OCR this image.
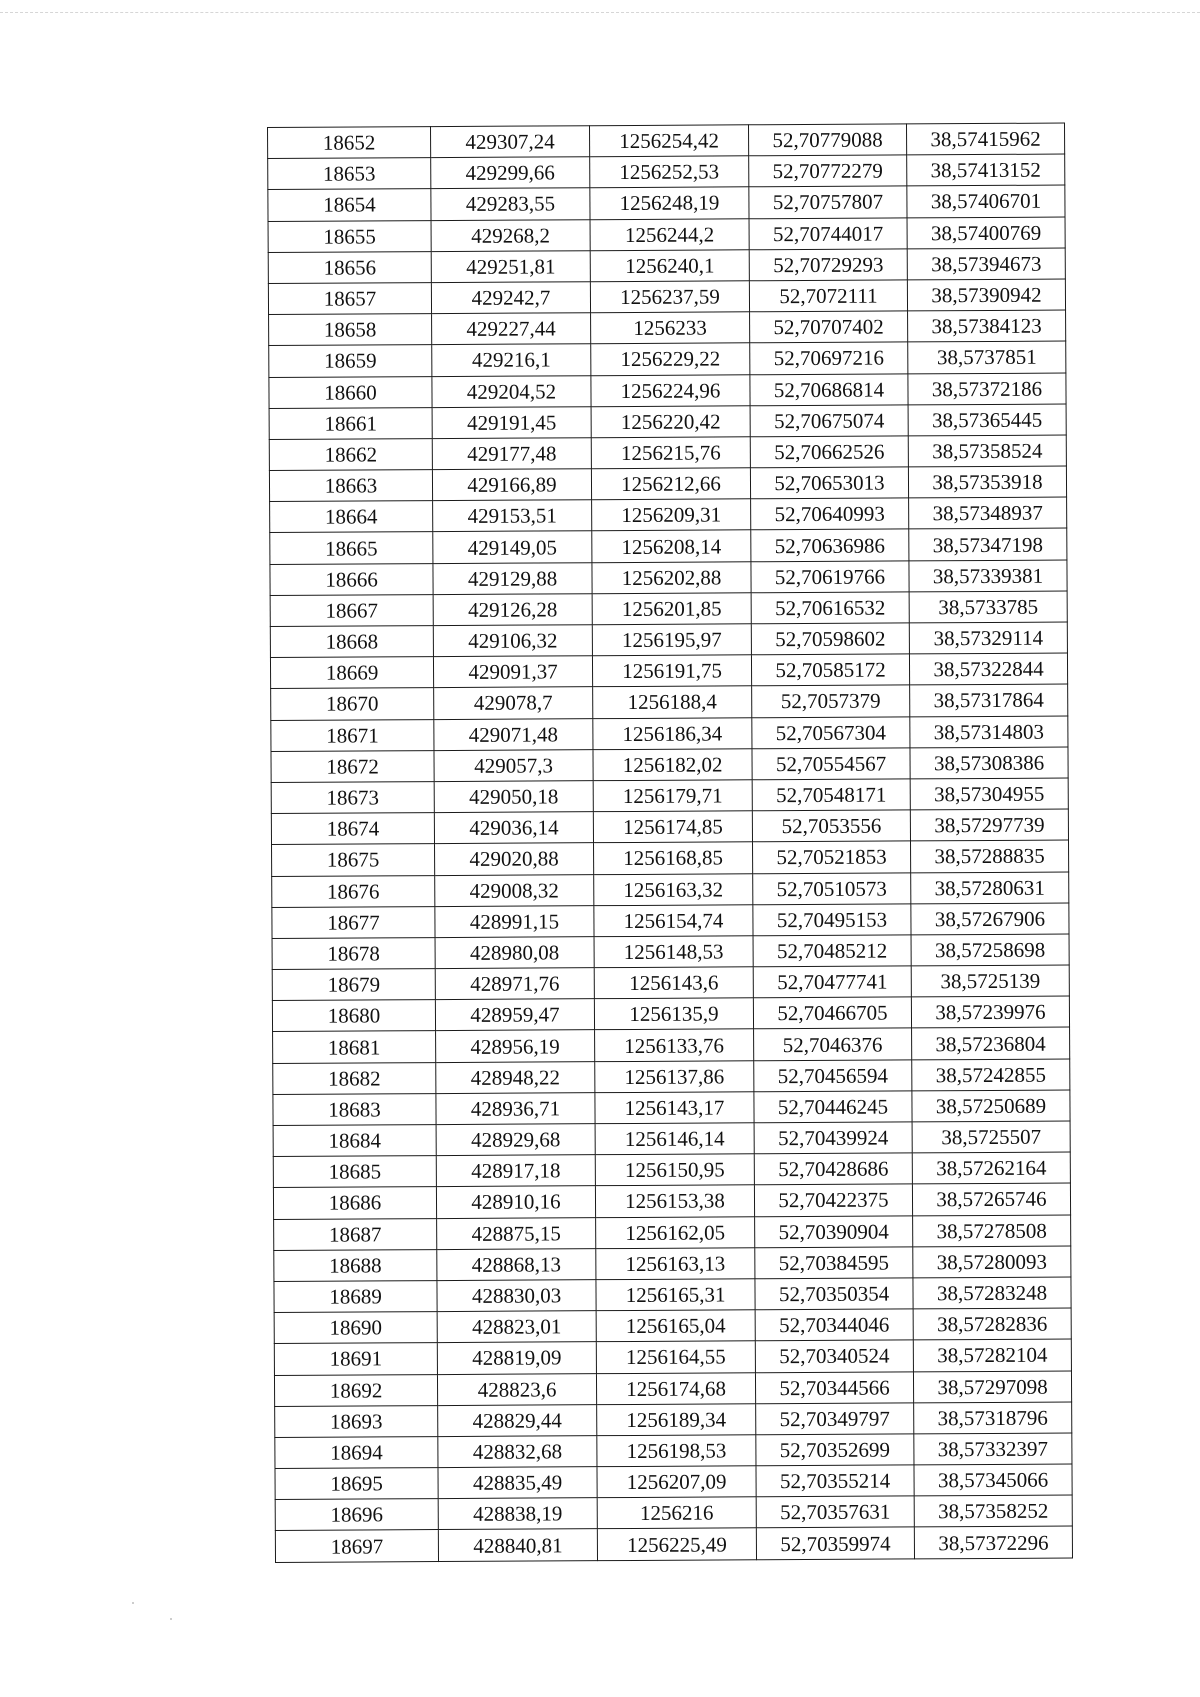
18652	429307,24	1256254,42	52,70779088	38,57415962
18653	429299,66	1256252,53	52,70772279	38,57413152
18654	429283,55	1256248,19	52,70757807	38,57406701
18655	429268,2	1256244,2	52,70744017	38,57400769
18656	429251,81	1256240,1	52,70729293	38,57394673
18657	429242,7	1256237,59	52,7072111	38,57390942
18658	429227,44	1256233	52,70707402	38,57384123
18659	429216,1	1256229,22	52,70697216	38,5737851
18660	429204,52	1256224,96	52,70686814	38,57372186
18661	429191,45	1256220,42	52,70675074	38,57365445
18662	429177,48	1256215,76	52,70662526	38,57358524
18663	429166,89	1256212,66	52,70653013	38,57353918
18664	429153,51	1256209,31	52,70640993	38,57348937
18665	429149,05	1256208,14	52,70636986	38,57347198
18666	429129,88	1256202,88	52,70619766	38,57339381
18667	429126,28	1256201,85	52,70616532	38,5733785
18668	429106,32	1256195,97	52,70598602	38,57329114
18669	429091,37	1256191,75	52,70585172	38,57322844
18670	429078,7	1256188,4	52,7057379	38,57317864
18671	429071,48	1256186,34	52,70567304	38,57314803
18672	429057,3	1256182,02	52,70554567	38,57308386
18673	429050,18	1256179,71	52,70548171	38,57304955
18674	429036,14	1256174,85	52,7053556	38,57297739
18675	429020,88	1256168,85	52,70521853	38,57288835
18676	429008,32	1256163,32	52,70510573	38,57280631
18677	428991,15	1256154,74	52,70495153	38,57267906
18678	428980,08	1256148,53	52,70485212	38,57258698
18679	428971,76	1256143,6	52,70477741	38,5725139
18680	428959,47	1256135,9	52,70466705	38,57239976
18681	428956,19	1256133,76	52,7046376	38,57236804
18682	428948,22	1256137,86	52,70456594	38,57242855
18683	428936,71	1256143,17	52,70446245	38,57250689
18684	428929,68	1256146,14	52,70439924	38,5725507
18685	428917,18	1256150,95	52,70428686	38,57262164
18686	428910,16	1256153,38	52,70422375	38,57265746
18687	428875,15	1256162,05	52,70390904	38,57278508
18688	428868,13	1256163,13	52,70384595	38,57280093
18689	428830,03	1256165,31	52,70350354	38,57283248
18690	428823,01	1256165,04	52,70344046	38,57282836
18691	428819,09	1256164,55	52,70340524	38,57282104
18692	428823,6	1256174,68	52,70344566	38,57297098
18693	428829,44	1256189,34	52,70349797	38,57318796
18694	428832,68	1256198,53	52,70352699	38,57332397
18695	428835,49	1256207,09	52,70355214	38,57345066
18696	428838,19	1256216	52,70357631	38,57358252
18697	428840,81	1256225,49	52,70359974	38,57372296
